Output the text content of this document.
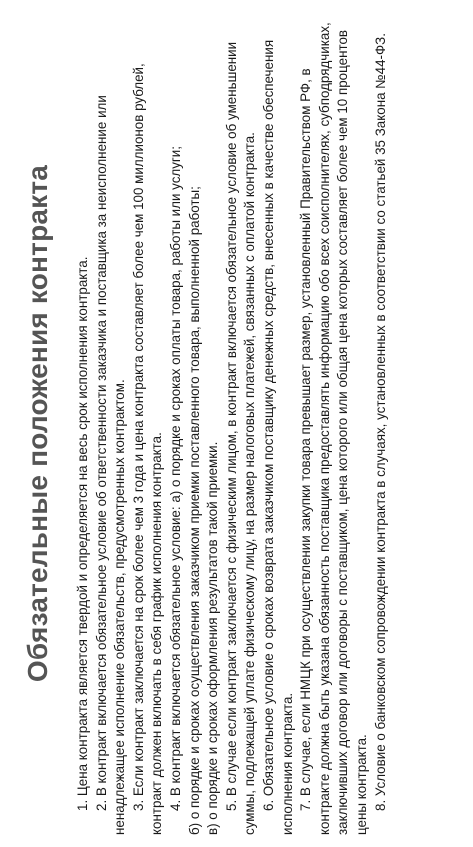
Обязательные положения контракта 1. Цена контракта является твердой и определяется на весь срок исполнения контракта. 2. В контракт включается обязательное условие об ответственности заказчика и поставщика за неисполнение или ненадлежащее исполнение обязательств, предусмотренных контрактом. 3. Если контракт заключается на срок более чем 3 года и цена контракта составляет более чем 100 миллионов рублей, контракт должен включать в себя график исполнения контракта. 4. В контракт включается обязательное условие: а) о порядке и сроках оплаты товара, работы или услуги; б) о порядке и сроках осуществления заказчиком приемки поставленного товара, выполненной работы; в) о порядке и сроках оформления результатов такой приемки. 5. В случае если контракт заключается с физическим лицом, в контракт включается обязательное условие об уменьшении суммы, подлежащей уплате физическому лицу, на размер налоговых платежей, связанных с оплатой контракта. 6. Обязательное условие о сроках возврата заказчиком поставщику денежных средств, внесенных в качестве обеспечения исполнения контракта. 7. В случае, если НМЦК при осуществлении закупки товара превышает размер, установленный Правительством РФ, в контракте должна быть указана обязанность поставщика предоставлять информацию обо всех соисполнителях, субподрядчиках, заключивших договор или договоры с поставщиком, цена которого или общая цена которых составляет более чем 10 процентов цены контракта. 8. Условие о банковском сопровождении контракта в случаях, установленных в соответствии со статьей 35 Закона №44-ФЗ.
